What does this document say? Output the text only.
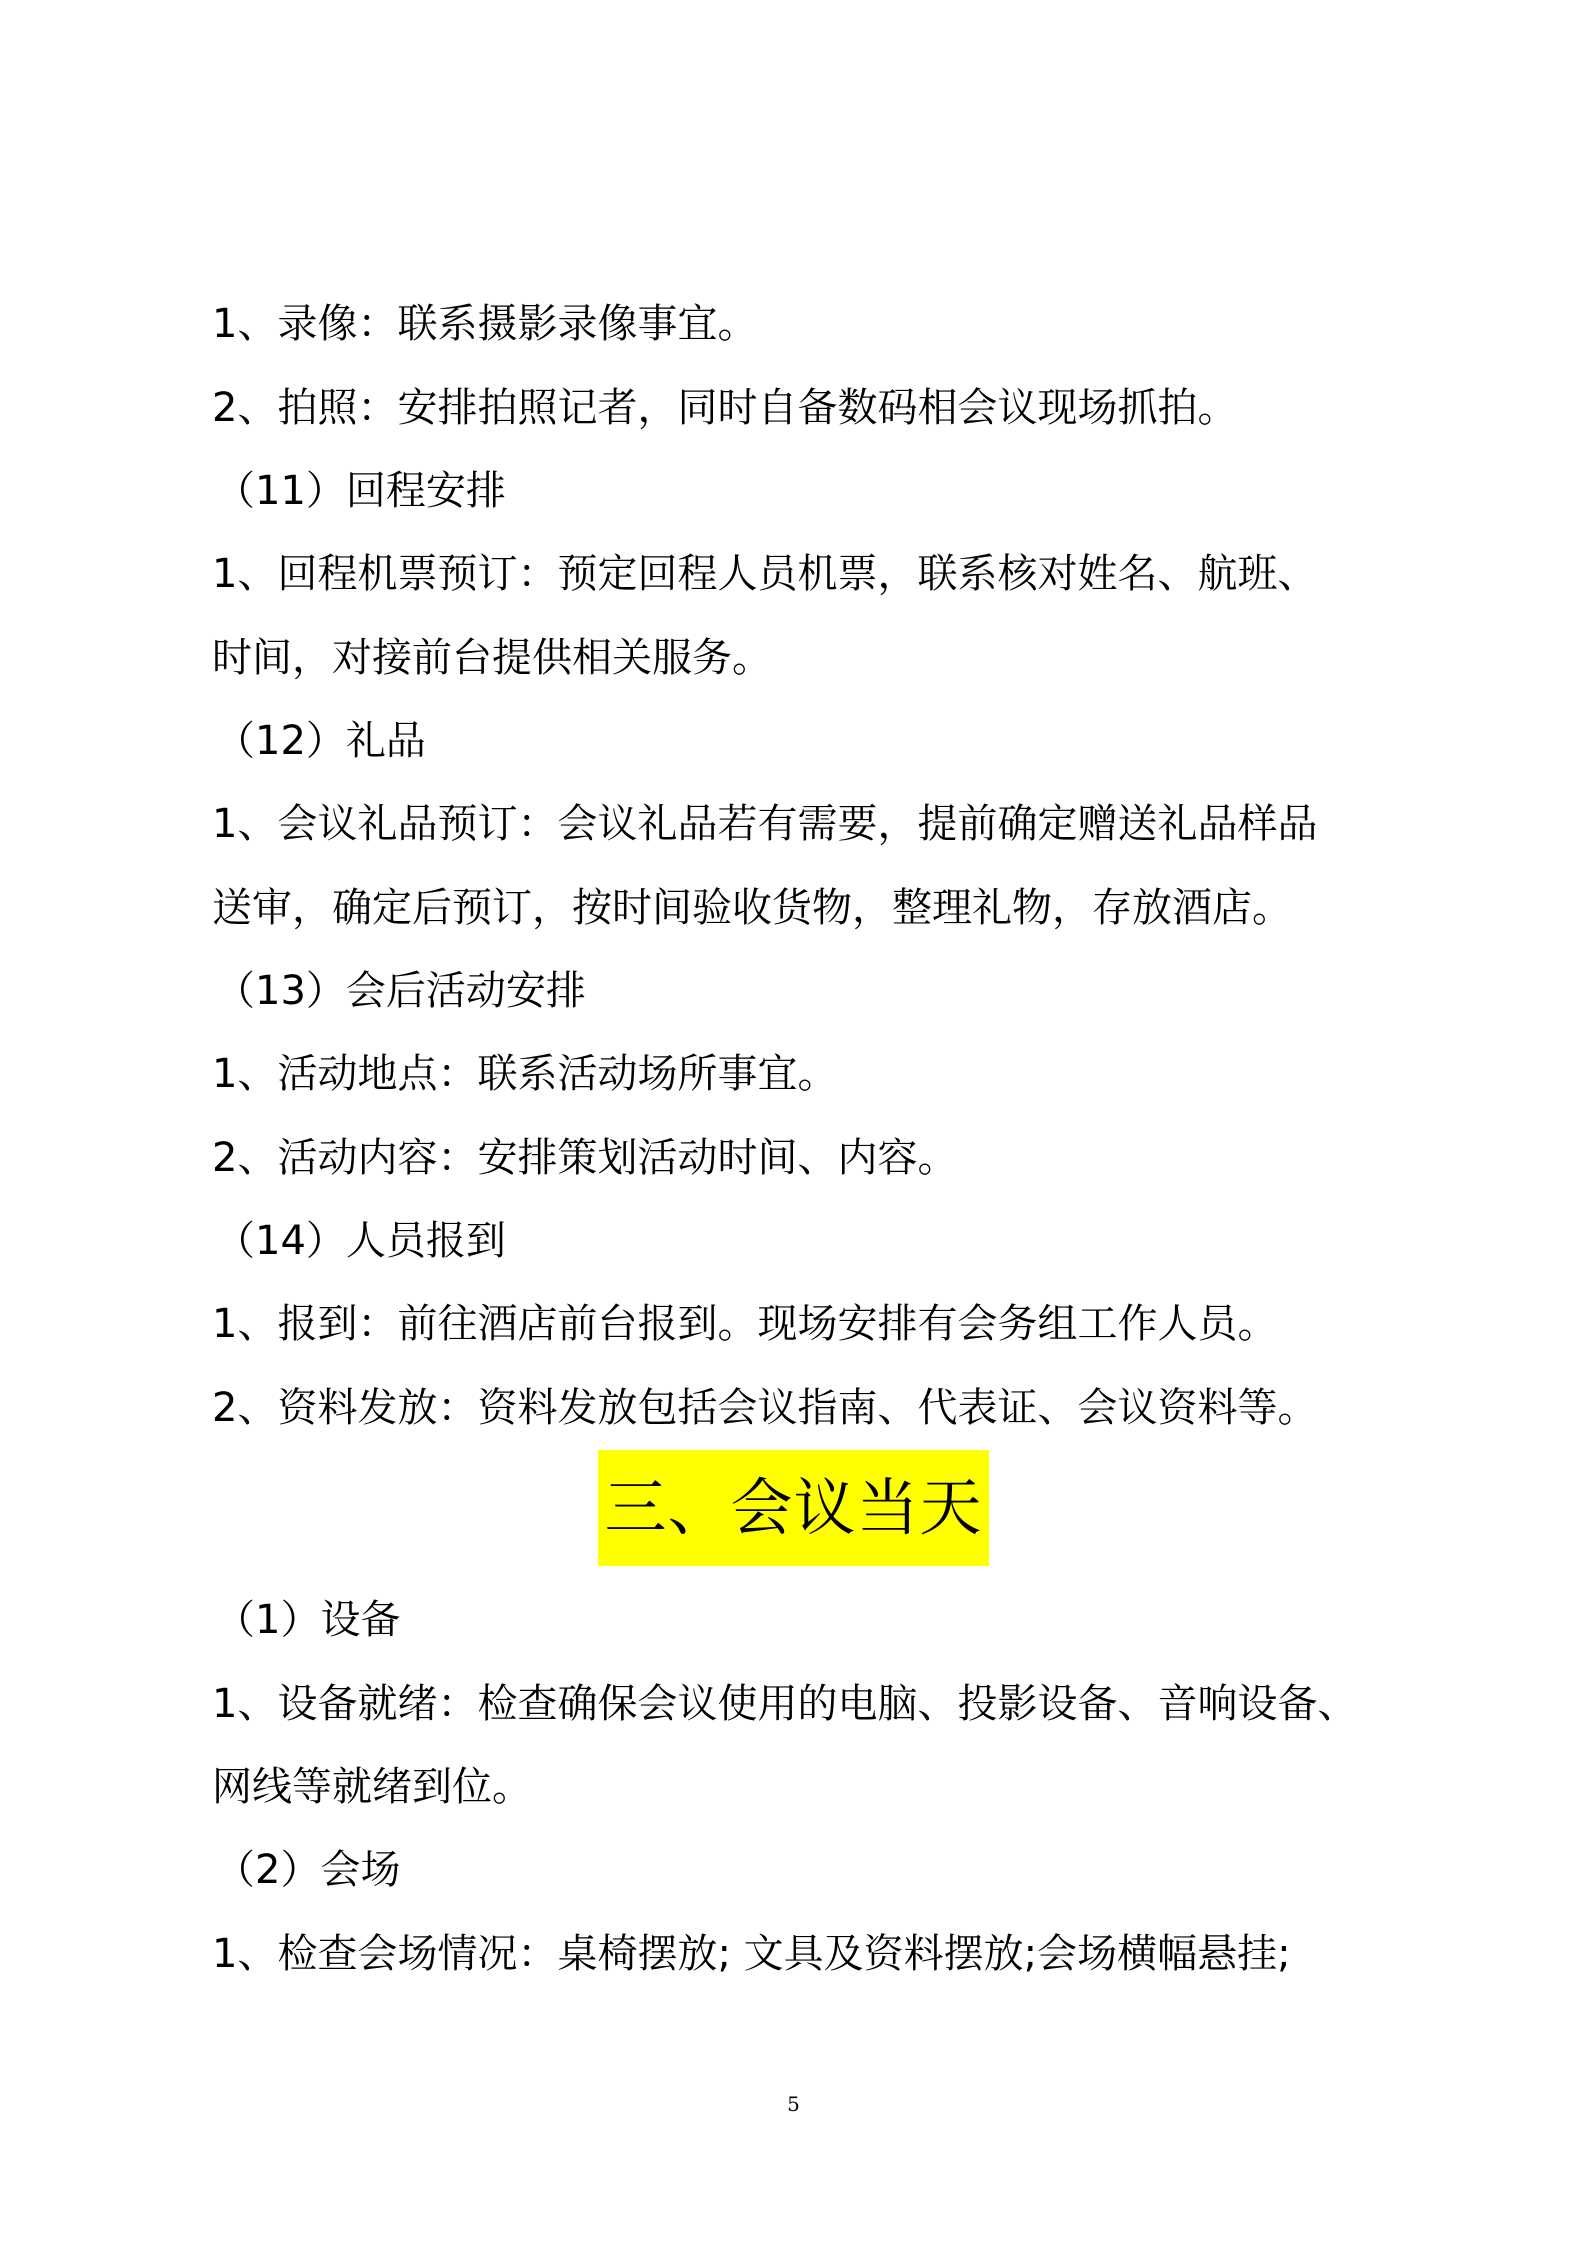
1、录像：联系摄影录像事宜。

2、拍照：安排拍照记者，同时自备数码相会议现场抓拍。

（11）回程安排

1、回程机票预订：预定回程人员机票，联系核对姓名、航班、

时间，对接前台提供相关服务。

（12）礼品

1、会议礼品预订：会议礼品若有需要，提前确定赠送礼品样品

送审，确定后预订，按时间验收货物，整理礼物，存放酒店。

（13）会后活动安排

1、活动地点：联系活动场所事宜。

2、活动内容：安排策划活动时间、内容。

（14）人员报到

1、报到：前往酒店前台报到。现场安排有会务组工作人员。

2、资料发放：资料发放包括会议指南、代表证、会议资料等。

三、会议当天

（1）设备

1、设备就绪：检查确保会议使用的电脑、投影设备、音响设备、

网线等就绪到位。

（2）会场

1、检查会场情况：桌椅摆放; 文具及资料摆放;会场横幅悬挂;

5
